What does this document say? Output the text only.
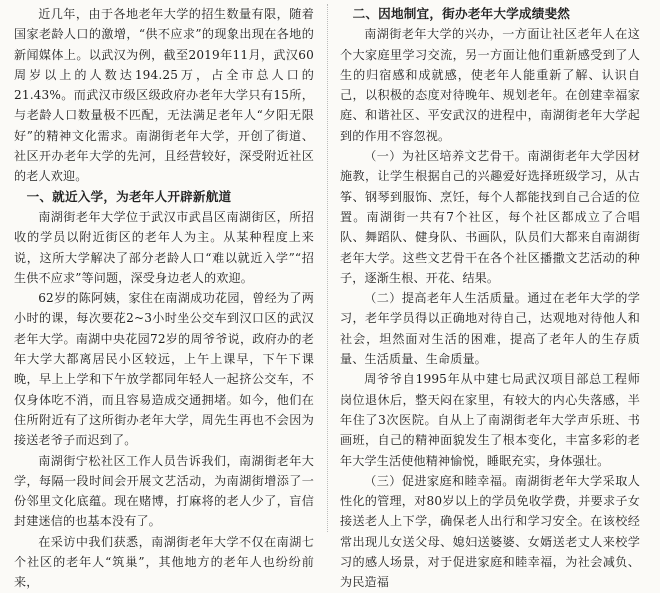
近几年，由于各地老年大学的招生数量有限，随着国家老龄人口的激增，“供不应求”的现象出现在各地的新闻媒体上。以武汉为例，截至2019年11月，武汉60周岁以上的人数达194.25万，占全市总人口的21.43%。而武汉市级区级政府办老年大学只有15所，与老龄人口数量极不匹配，无法满足老年人“夕阳无限好”的精神文化需求。南湖街老年大学，开创了街道、社区开办老年大学的先河，且经营较好，深受附近社区的老人欢迎。

一、就近入学，为老年人开辟新航道

南湖街老年大学位于武汉市武昌区南湖街区，所招收的学员以附近街区的老年人为主。从某种程度上来说，这所大学解决了部分老龄人口“难以就近入学”“招生供不应求”等问题，深受身边老人的欢迎。

62岁的陈阿姨，家住在南湖成功花园，曾经为了两小时的课，每次要花2~3小时坐公交车到汉口区的武汉老年大学。南湖中央花园72岁的周爷爷说，政府办的老年大学大都离居民小区较远，上午上课早，下午下课晚，早上上学和下午放学都同年轻人一起挤公交车，不仅身体吃不消，而且容易造成交通拥堵。如今，他们在住所附近有了这所街办老年大学，周先生再也不会因为接送老爷子而迟到了。

南湖街宁松社区工作人员告诉我们，南湖街老年大学，每隔一段时间会开展文艺活动，为南湖街增添了一份邻里文化底蕴。现在赌博，打麻将的老人少了，盲信封建迷信的也基本没有了。

在采访中我们获悉，南湖街老年大学不仅在南湖七个社区的老年人“筑巢”，其他地方的老年人也纷纷前来，

二、因地制宜，街办老年大学成绩斐然

南湖街老年大学的兴办，一方面让社区老年人在这个大家庭里学习交流，另一方面让他们重新感受到了人生的归宿感和成就感，使老年人能重新了解、认识自己，以积极的态度对待晚年、规划老年。在创建幸福家庭、和谐社区、平安武汉的进程中，南湖街老年大学起到的作用不容忽视。

（一）为社区培养文艺骨干。南湖街老年大学因材施教，让学生根据自己的兴趣爱好选择班级学习，从古筝、钢琴到服饰、烹饪，每个人都能找到自己合适的位置。南湖街一共有7个社区，每个社区都成立了合唱队、舞蹈队、健身队、书画队，队员们大都来自南湖街老年大学。这些文艺骨干在各个社区播撒文艺活动的种子，逐渐生根、开花、结果。

（二）提高老年人生活质量。通过在老年大学的学习，老年学员得以正确地对待自己，达观地对待他人和社会，坦然面对生活的困难，提高了老年人的生存质量、生活质量、生命质量。

周爷爷自1995年从中建七局武汉项目部总工程师岗位退休后，整天闷在家里，有较大的内心失落感，半年住了3次医院。自从上了南湖街老年大学声乐班、书画班，自己的精神面貌发生了根本变化，丰富多彩的老年大学生活使他精神愉悦，睡眠充实，身体强壮。

（三）促进家庭和睦幸福。南湖街老年大学采取人性化的管理，对80岁以上的学员免收学费，并要求子女接送老人上下学，确保老人出行和学习安全。在该校经常出现儿女送父母、媳妇送婆婆、女婿送老丈人来校学习的感人场景，对于促进家庭和睦幸福，为社会减负、为民造福
